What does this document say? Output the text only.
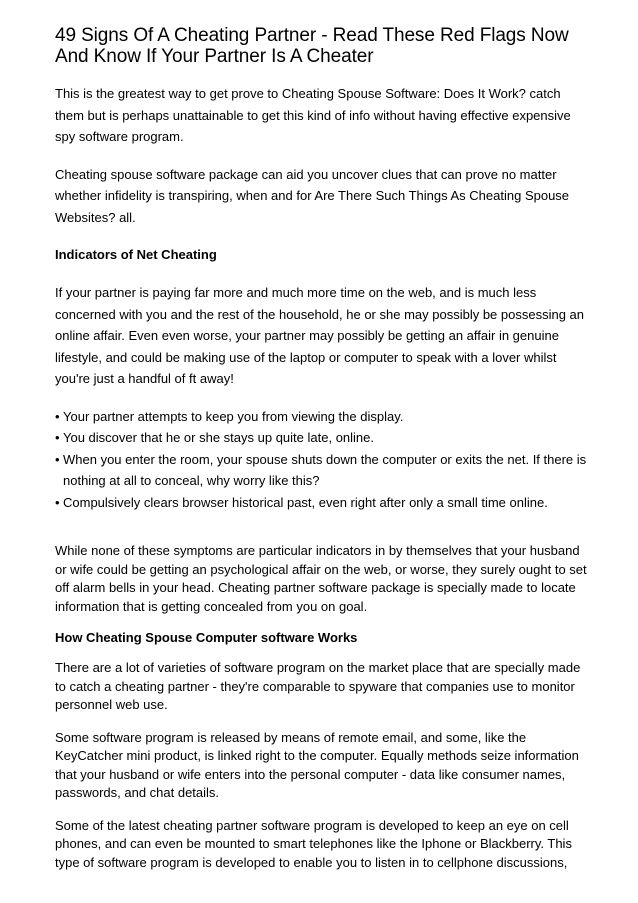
49 Signs Of A Cheating Partner - Read These Red Flags Now And Know If Your Partner Is A Cheater

This is the greatest way to get prove to Cheating Spouse Software: Does It Work? catch them but is perhaps unattainable to get this kind of info without having effective expensive spy software program.

Cheating spouse software package can aid you uncover clues that can prove no matter whether infidelity is transpiring, when and for Are There Such Things As Cheating Spouse Websites? all.

Indicators of Net Cheating

If your partner is paying far more and much more time on the web, and is much less concerned with you and the rest of the household, he or she may possibly be possessing an online affair. Even even worse, your partner may possibly be getting an affair in genuine lifestyle, and could be making use of the laptop or computer to speak with a lover whilst you're just a handful of ft away!

• Your partner attempts to keep you from viewing the display.
• You discover that he or she stays up quite late, online.
• When you enter the room, your spouse shuts down the computer or exits the net. If there is nothing at all to conceal, why worry like this?
• Compulsively clears browser historical past, even right after only a small time online.

While none of these symptoms are particular indicators in by themselves that your husband or wife could be getting an psychological affair on the web, or worse, they surely ought to set off alarm bells in your head. Cheating partner software package is specially made to locate information that is getting concealed from you on goal.

How Cheating Spouse Computer software Works

There are a lot of varieties of software program on the market place that are specially made to catch a cheating partner - they're comparable to spyware that companies use to monitor personnel web use.

Some software program is released by means of remote email, and some, like the KeyCatcher mini product, is linked right to the computer. Equally methods seize information that your husband or wife enters into the personal computer - data like consumer names, passwords, and chat details.

Some of the latest cheating partner software program is developed to keep an eye on cell phones, and can even be mounted to smart telephones like the Iphone or Blackberry. This type of software program is developed to enable you to listen in to cellphone discussions,
